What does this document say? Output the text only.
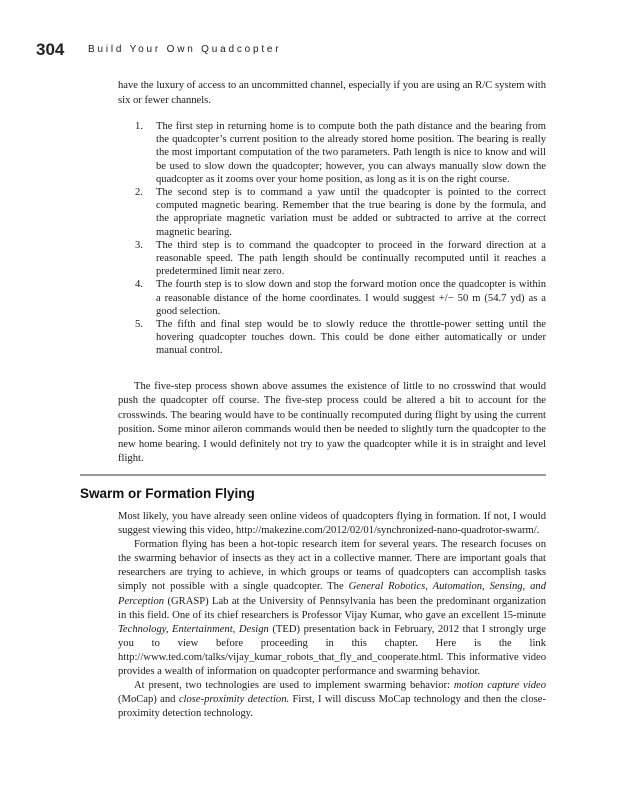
304 Build Your Own Quadcopter

have the luxury of access to an uncommitted channel, especially if you are using an R/C system with six or fewer channels.

1. The first step in returning home is to compute both the path distance and the bearing from the quadcopter’s current position to the already stored home position. The bearing is really the most important computation of the two parameters. Path length is nice to know and will be used to slow down the quadcopter; however, you can always manually slow down the quadcopter as it zooms over your home position, as long as it is on the right course.
2. The second step is to command a yaw until the quadcopter is pointed to the correct computed magnetic bearing. Remember that the true bearing is done by the formula, and the appropriate magnetic variation must be added or subtracted to arrive at the correct magnetic bearing.
3. The third step is to command the quadcopter to proceed in the forward direction at a reasonable speed. The path length should be continually recomputed until it reaches a predetermined limit near zero.
4. The fourth step is to slow down and stop the forward motion once the quadcopter is within a reasonable distance of the home coordinates. I would suggest +/− 50 m (54.7 yd) as a good selection.
5. The fifth and final step would be to slowly reduce the throttle-power setting until the hovering quadcopter touches down. This could be done either automatically or under manual control.

The five-step process shown above assumes the existence of little to no crosswind that would push the quadcopter off course. The five-step process could be altered a bit to account for the crosswinds. The bearing would have to be continually recomputed during flight by using the current position. Some minor aileron commands would then be needed to slightly turn the quadcopter to the new home bearing. I would definitely not try to yaw the quadcopter while it is in straight and level flight.

Swarm or Formation Flying

Most likely, you have already seen online videos of quadcopters flying in formation. If not, I would suggest viewing this video, http://makezine.com/2012/02/01/synchronized-nano-quadrotor-swarm/.

Formation flying has been a hot-topic research item for several years. The research focuses on the swarming behavior of insects as they act in a collective manner. There are important goals that researchers are trying to achieve, in which groups or teams of quadcopters can accomplish tasks simply not possible with a single quadcopter. The General Robotics, Automation, Sensing, and Perception (GRASP) Lab at the University of Pennsylvania has been the predominant organization in this field. One of its chief researchers is Professor Vijay Kumar, who gave an excellent 15-minute Technology, Entertainment, Design (TED) presentation back in February, 2012 that I strongly urge you to view before proceeding in this chapter. Here is the link http://www.ted.com/talks/vijay_kumar_robots_that_fly_and_cooperate.html. This informative video provides a wealth of information on quadcopter performance and swarming behavior.

At present, two technologies are used to implement swarming behavior: motion capture video (MoCap) and close-proximity detection. First, I will discuss MoCap technology and then the close-proximity detection technology.
